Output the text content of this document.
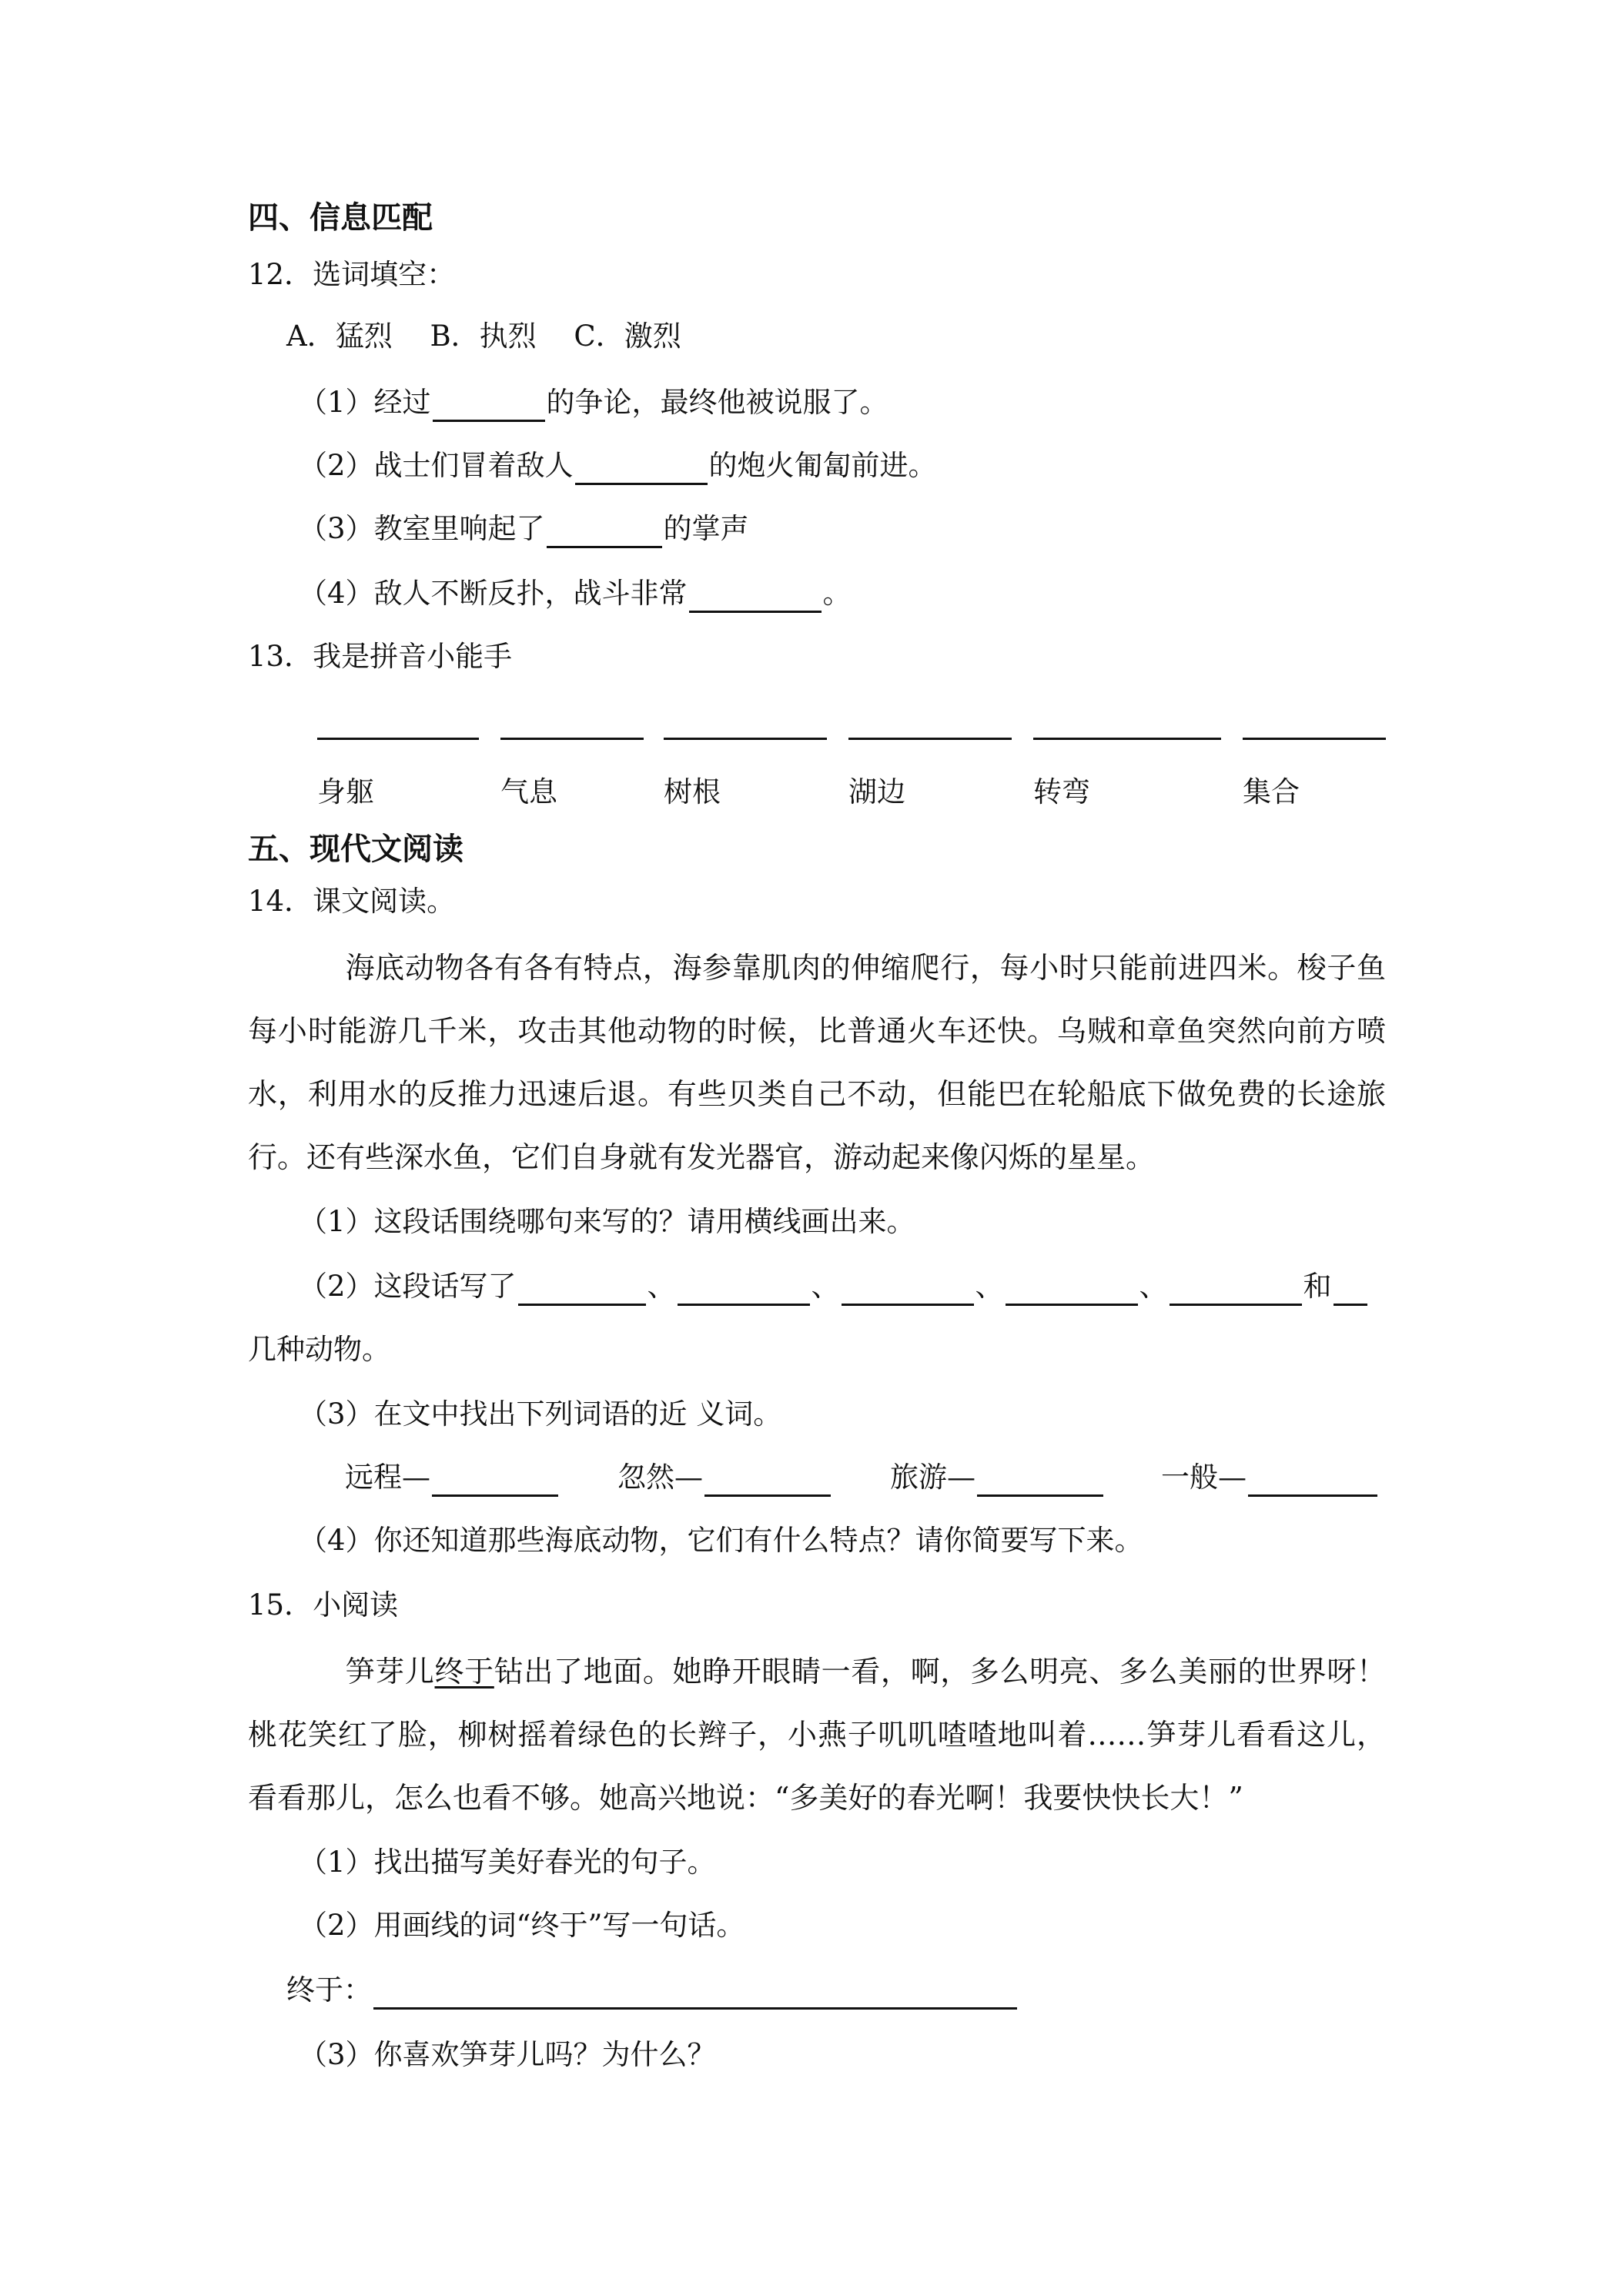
四、信息匹配
12．选词填空：
A．猛烈　 B．执烈　 C．激烈
（1）经过	的争论，最终他被说服了。
（2）战士们冒着敌人	的炮火匍匐前进。
（3）教室里响起了	的掌声
（4）敌人不断反扑，战斗非常	。
13．我是拼音小能手
身躯	气息	树根	湖边	转弯	集合
五、现代文阅读
14．课文阅读。
海底动物各有各有特点，海参靠肌肉的伸缩爬行，每小时只能前进四米。梭子鱼每小时能游几千米，攻击其他动物的时候，比普通火车还快。乌贼和章鱼突然向前方喷水，利用水的反推力迅速后退。有些贝类自己不动，但能巴在轮船底下做免费的长途旅行。还有些深水鱼，它们自身就有发光器官，游动起来像闪烁的星星。
（1）这段话围绕哪句来写的？请用横线画出来。
（2）这段话写了	、	、	、	、	和
几种动物。
（3）在文中找出下列词语的近 义词。
远程—	忽然—	旅游—	一般—
（4）你还知道那些海底动物，它们有什么特点？请你简要写下来。
15．小阅读
笋芽儿终于钻出了地面。她睁开眼睛一看，啊，多么明亮、多么美丽的世界呀！桃花笑红了脸，柳树摇着绿色的长辫子，小燕子叽叽喳喳地叫着……笋芽儿看看这儿，看看那儿，怎么也看不够。她高兴地说：“多美好的春光啊！我要快快长大！”
（1）找出描写美好春光的句子。
（2）用画线的词“终于”写一句话。
终于：
（3）你喜欢笋芽儿吗？为什么？
